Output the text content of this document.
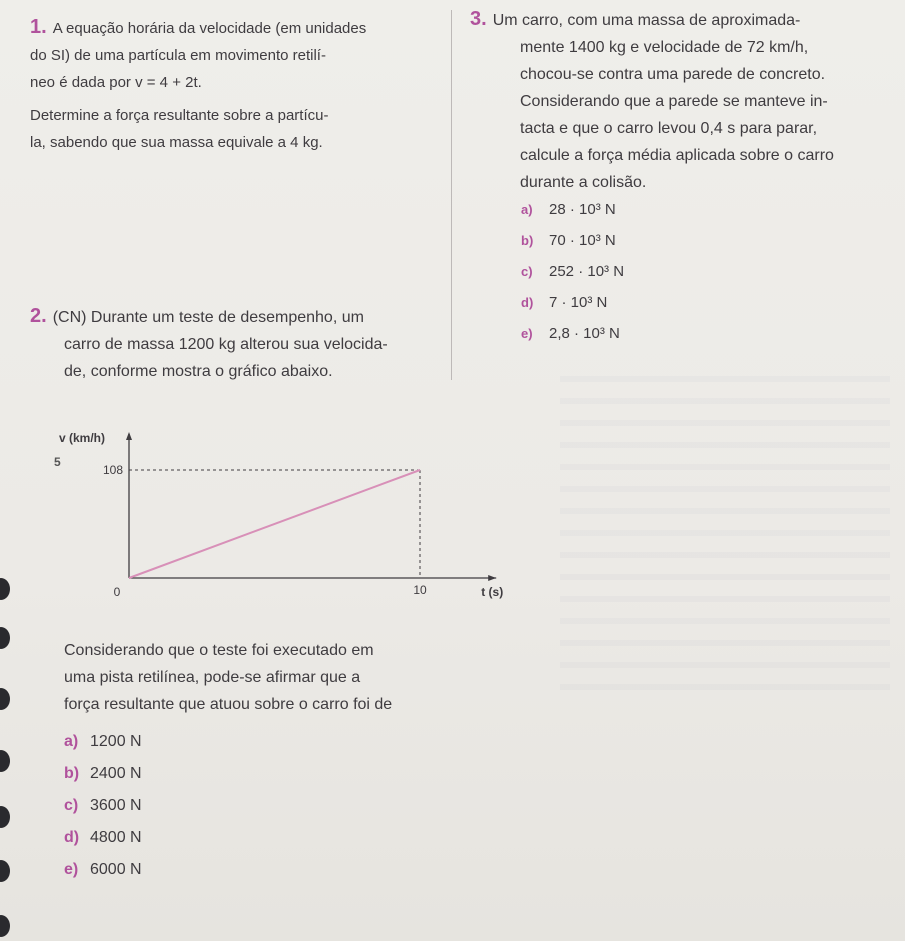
1. A equação horária da velocidade (em unidades

do SI) de uma partícula em movimento retilí-

neo é dada por v = 4 + 2t.

Determine a força resultante sobre a partícu-

la, sabendo que sua massa equivale a 4 kg.

3. Um carro, com uma massa de aproximada-

mente 1400 kg e velocidade de 72 km/h,

chocou-se contra uma parede de concreto.

Considerando que a parede se manteve in-

tacta e que o carro levou 0,4 s para parar,

calcule a força média aplicada sobre o carro

durante a colisão.

a) 28 · 10³ N
b) 70 · 10³ N
c) 252 · 10³ N
d) 7 · 10³ N
e) 2,8 · 10³ N

2. (CN) Durante um teste de desempenho, um

carro de massa 1200 kg alterou sua velocida-

de, conforme mostra o gráfico abaixo.

5
0	10
108
v (km/h)
t (s)

Considerando que o teste foi executado em

uma pista retilínea, pode-se afirmar que a

força resultante que atuou sobre o carro foi de

a) 1200 N
b) 2400 N
c) 3600 N
d) 4800 N
e) 6000 N
